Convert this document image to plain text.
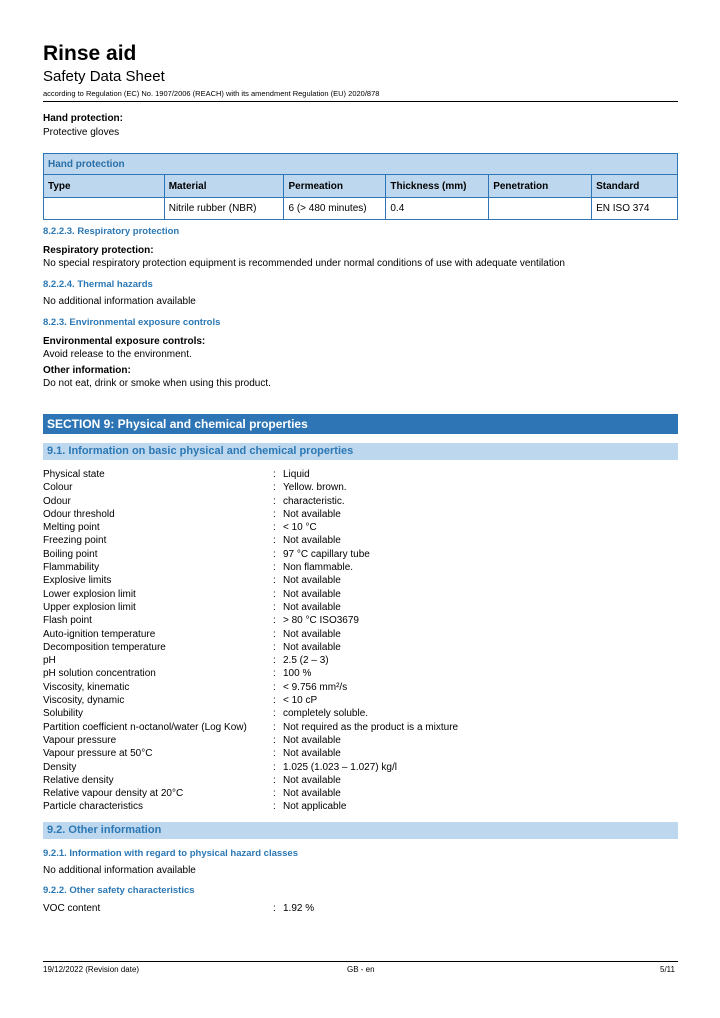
Rinse aid
Safety Data Sheet
according to Regulation (EC) No. 1907/2006 (REACH) with its amendment Regulation (EU) 2020/878
Hand protection:
Protective gloves
Hand protection					
Type	Material	Permeation	Thickness (mm)	Penetration	Standard
	Nitrile rubber (NBR)	6 (> 480 minutes)	0.4		EN ISO 374
8.2.2.3. Respiratory protection
Respiratory protection:
No special respiratory protection equipment is recommended under normal conditions of use with adequate ventilation
8.2.2.4. Thermal hazards
No additional information available
8.2.3. Environmental exposure controls
Environmental exposure controls:
Avoid release to the environment.
Other information:
Do not eat, drink or smoke when using this product.
SECTION 9: Physical and chemical properties
9.1. Information on basic physical and chemical properties
Physical state	: Liquid
Colour	: Yellow. brown.
Odour	: characteristic.
Odour threshold	: Not available
Melting point	: < 10 °C
Freezing point	: Not available
Boiling point	: 97 °C capillary tube
Flammability	: Non flammable.
Explosive limits	: Not available
Lower explosion limit	: Not available
Upper explosion limit	: Not available
Flash point	: > 80 °C ISO3679
Auto-ignition temperature	: Not available
Decomposition temperature	: Not available
pH	: 2.5 (2 – 3)
pH solution concentration	: 100 %
Viscosity, kinematic	: < 9.756 mm²/s
Viscosity, dynamic	: < 10 cP
Solubility	: completely soluble.
Partition coefficient n-octanol/water (Log Kow)	: Not required as the product is a mixture
Vapour pressure	: Not available
Vapour pressure at 50°C	: Not available
Density	: 1.025 (1.023 – 1.027) kg/l
Relative density	: Not available
Relative vapour density at 20°C	: Not available
Particle characteristics	: Not applicable
9.2. Other information
9.2.1. Information with regard to physical hazard classes
No additional information available
9.2.2. Other safety characteristics
VOC content	: 1.92 %
19/12/2022 (Revision date)	GB - en	5/11
